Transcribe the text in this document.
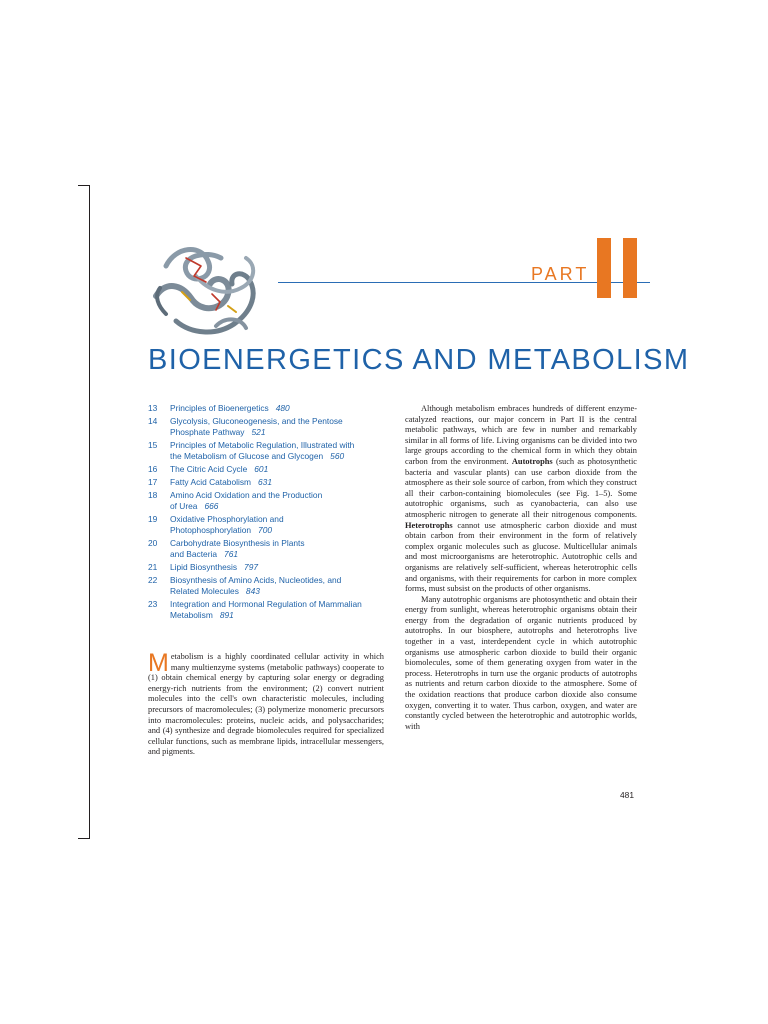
PART
BIOENERGETICS AND METABOLISM
13	Principles of Bioenergetics 480
14	Glycolysis, Gluconeogenesis, and the Pentose
Phosphate Pathway 521
15	Principles of Metabolic Regulation, Illustrated with
the Metabolism of Glucose and Glycogen 560
16	The Citric Acid Cycle 601
17	Fatty Acid Catabolism 631
18	Amino Acid Oxidation and the Production
of Urea 666
19	Oxidative Phosphorylation and
Photophosphorylation 700
20	Carbohydrate Biosynthesis in Plants
and Bacteria 761
21	Lipid Biosynthesis 797
22	Biosynthesis of Amino Acids, Nucleotides, and
Related Molecules 843
23	Integration and Hormonal Regulation of Mammalian
Metabolism 891
Metabolism is a highly coordinated cellular activity in which many multienzyme systems (metabolic pathways) cooperate to (1) obtain chemical energy by capturing solar energy or degrading energy-rich nutrients from the environment; (2) convert nutrient molecules into the cell's own characteristic molecules, including precursors of macromolecules; (3) polymerize monomeric precursors into macromolecules: proteins, nucleic acids, and polysaccharides; and (4) synthesize and degrade biomolecules required for specialized cellular functions, such as membrane lipids, intracellular messengers, and pigments.

Although metabolism embraces hundreds of different enzyme-catalyzed reactions, our major concern in Part II is the central metabolic pathways, which are few in number and remarkably similar in all forms of life. Living organisms can be divided into two large groups according to the chemical form in which they obtain carbon from the environment. Autotrophs (such as photosynthetic bacteria and vascular plants) can use carbon dioxide from the atmosphere as their sole source of carbon, from which they construct all their carbon-containing biomolecules (see Fig. 1–5). Some autotrophic organisms, such as cyanobacteria, can also use atmospheric nitrogen to generate all their nitrogenous components. Heterotrophs cannot use atmospheric carbon dioxide and must obtain carbon from their environment in the form of relatively complex organic molecules such as glucose. Multicellular animals and most microorganisms are heterotrophic. Autotrophic cells and organisms are relatively self-sufficient, whereas heterotrophic cells and organisms, with their requirements for carbon in more complex forms, must subsist on the products of other organisms.

Many autotrophic organisms are photosynthetic and obtain their energy from sunlight, whereas heterotrophic organisms obtain their energy from the degradation of organic nutrients produced by autotrophs. In our biosphere, autotrophs and heterotrophs live together in a vast, interdependent cycle in which autotrophic organisms use atmospheric carbon dioxide to build their organic biomolecules, some of them generating oxygen from water in the process. Heterotrophs in turn use the organic products of autotrophs as nutrients and return carbon dioxide to the atmosphere. Some of the oxidation reactions that produce carbon dioxide also consume oxygen, converting it to water. Thus carbon, oxygen, and water are constantly cycled between the heterotrophic and autotrophic worlds, with

481
